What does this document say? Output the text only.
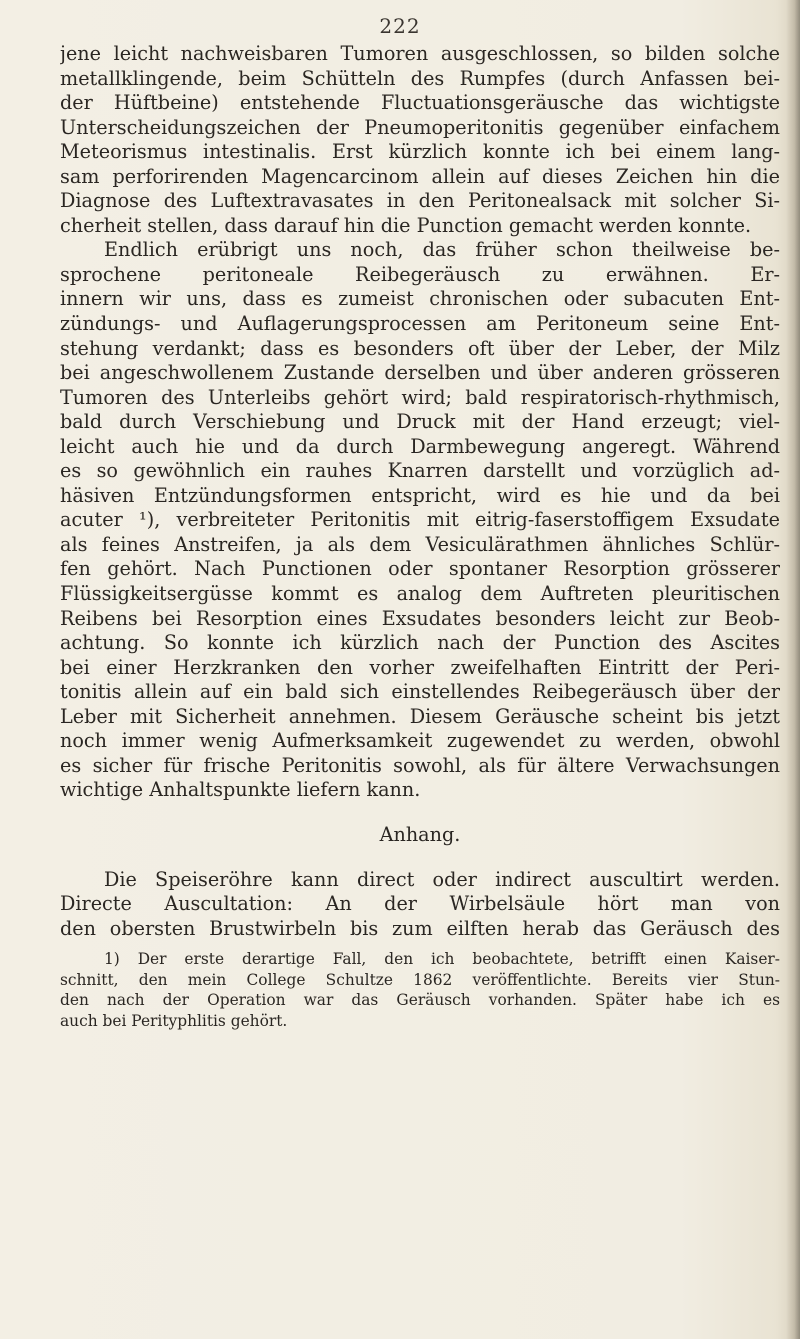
222
jene leicht nachweisbaren Tumoren ausgeschlossen, so bilden solche
metallklingende, beim Schütteln des Rumpfes (durch Anfassen bei-
der Hüftbeine) entstehende Fluctuationsgeräusche das wichtigste
Unterscheidungszeichen der Pneumoperitonitis gegenüber einfachem
Meteorismus intestinalis. Erst kürzlich konnte ich bei einem lang-
sam perforirenden Magencarcinom allein auf dieses Zeichen hin die
Diagnose des Luftextravasates in den Peritonealsack mit solcher Si-
cherheit stellen, dass darauf hin die Punction gemacht werden konnte.
Endlich erübrigt uns noch, das früher schon theilweise be-
sprochene peritoneale Reibegeräusch zu erwähnen. Er-
innern wir uns, dass es zumeist chronischen oder subacuten Ent-
zündungs- und Auflagerungsprocessen am Peritoneum seine Ent-
stehung verdankt; dass es besonders oft über der Leber, der Milz
bei angeschwollenem Zustande derselben und über anderen grösseren
Tumoren des Unterleibs gehört wird; bald respiratorisch-rhythmisch,
bald durch Verschiebung und Druck mit der Hand erzeugt; viel-
leicht auch hie und da durch Darmbewegung angeregt. Während
es so gewöhnlich ein rauhes Knarren darstellt und vorzüglich ad-
häsiven Entzündungsformen entspricht, wird es hie und da bei
acuter ¹), verbreiteter Peritonitis mit eitrig-faserstoffigem Exsudate
als feines Anstreifen, ja als dem Vesiculärathmen ähnliches Schlür-
fen gehört. Nach Punctionen oder spontaner Resorption grösserer
Flüssigkeitsergüsse kommt es analog dem Auftreten pleuritischen
Reibens bei Resorption eines Exsudates besonders leicht zur Beob-
achtung. So konnte ich kürzlich nach der Punction des Ascites
bei einer Herzkranken den vorher zweifelhaften Eintritt der Peri-
tonitis allein auf ein bald sich einstellendes Reibegeräusch über der
Leber mit Sicherheit annehmen. Diesem Geräusche scheint bis jetzt
noch immer wenig Aufmerksamkeit zugewendet zu werden, obwohl
es sicher für frische Peritonitis sowohl, als für ältere Verwachsungen
wichtige Anhaltspunkte liefern kann.
Anhang.
Die Speiseröhre kann direct oder indirect auscultirt werden.
Directe Auscultation: An der Wirbelsäule hört man von
den obersten Brustwirbeln bis zum eilften herab das Geräusch des
1) Der erste derartige Fall, den ich beobachtete, betrifft einen Kaiser-
schnitt, den mein College Schultze 1862 veröffentlichte. Bereits vier Stun-
den nach der Operation war das Geräusch vorhanden. Später habe ich es
auch bei Perityphlitis gehört.
